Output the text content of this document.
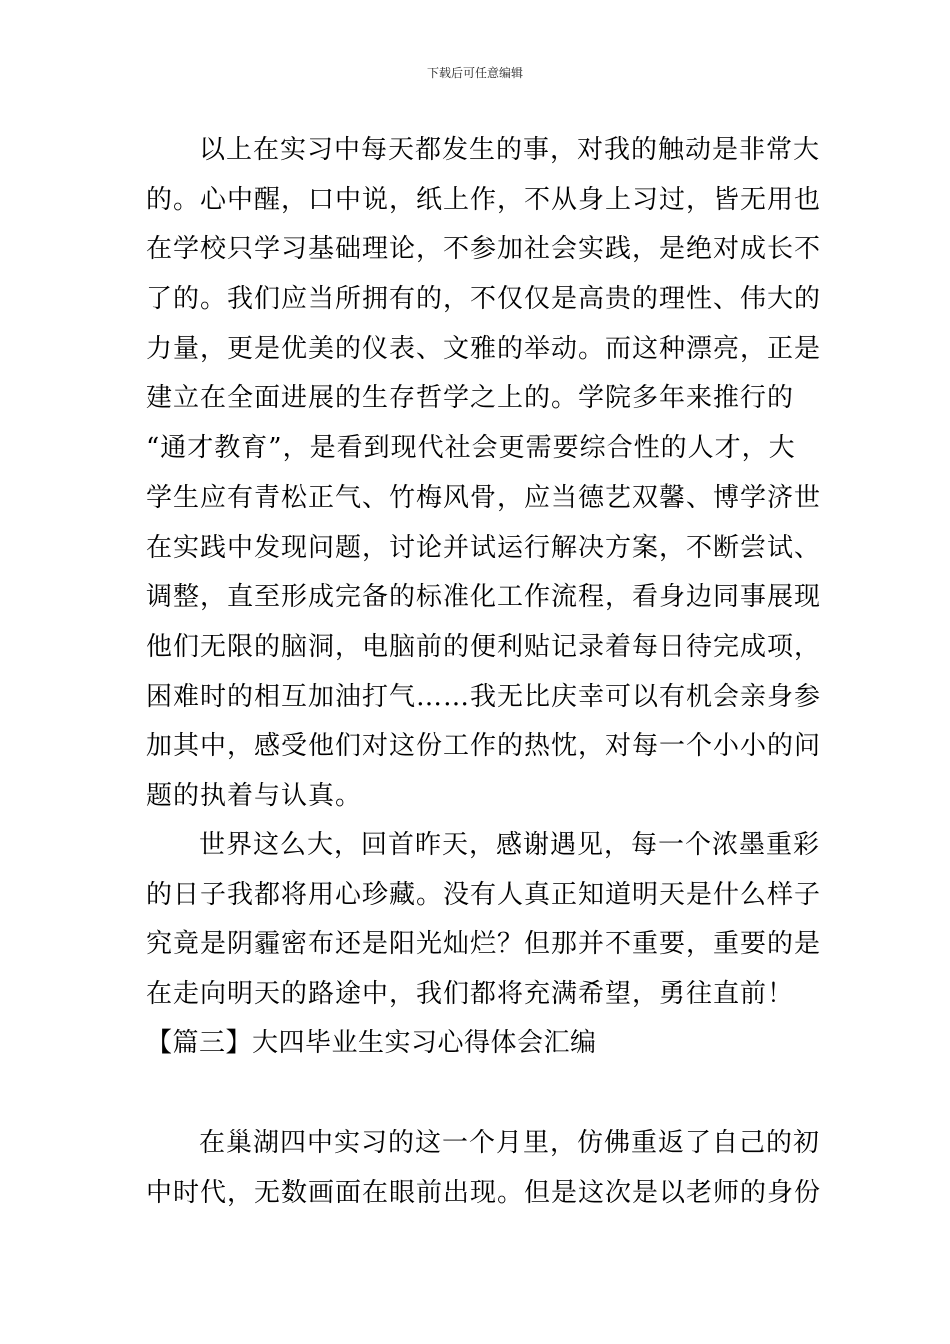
下载后可任意编辑
以上在实习中每天都发生的事，对我的触动是非常大
的。心中醒，口中说，纸上作，不从身上习过，皆无用也
在学校只学习基础理论，不参加社会实践，是绝对成长不
了的。我们应当所拥有的，不仅仅是高贵的理性、伟大的
力量，更是优美的仪表、文雅的举动。而这种漂亮，正是
建立在全面进展的生存哲学之上的。学院多年来推行的
“通才教育”，是看到现代社会更需要综合性的人才，大
学生应有青松正气、竹梅风骨，应当德艺双馨、博学济世
在实践中发现问题，讨论并试运行解决方案，不断尝试、
调整，直至形成完备的标准化工作流程，看身边同事展现
他们无限的脑洞，电脑前的便利贴记录着每日待完成项，
困难时的相互加油打气……我无比庆幸可以有机会亲身参
加其中，感受他们对这份工作的热忱，对每一个小小的问
题的执着与认真。
世界这么大，回首昨天，感谢遇见，每一个浓墨重彩
的日子我都将用心珍藏。没有人真正知道明天是什么样子
究竟是阴霾密布还是阳光灿烂？但那并不重要，重要的是
在走向明天的路途中，我们都将充满希望，勇往直前！
【篇三】大四毕业生实习心得体会汇编
在巢湖四中实习的这一个月里，仿佛重返了自己的初
中时代，无数画面在眼前出现。但是这次是以老师的身份
